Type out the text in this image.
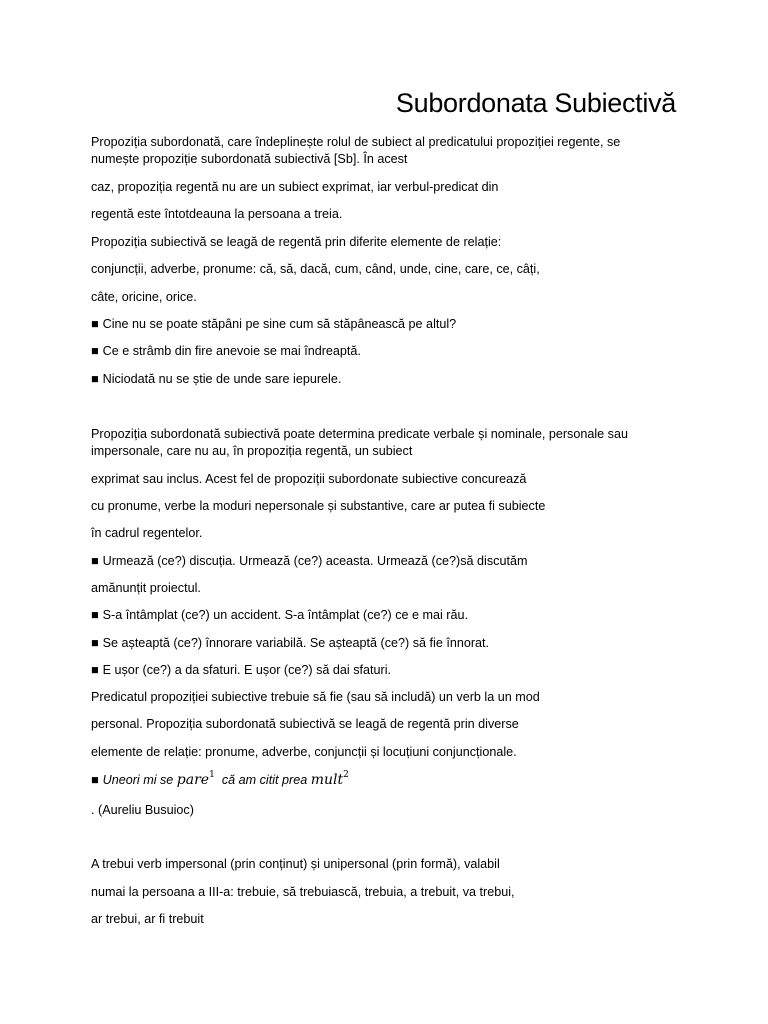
Subordonata Subiectivă
Propoziția subordonată, care îndeplinește rolul de subiect al predicatului propoziției regente, se
numește propoziție subordonată subiectivă [Sb]. În acest
caz, propoziția regentă nu are un subiect exprimat, iar verbul-predicat din
regentă este întotdeauna la persoana a treia.
Propoziția subiectivă se leagă de regentă prin diferite elemente de relație:
conjuncții, adverbe, pronume: că, să, dacă, cum, când, unde, cine, care, ce, câți,
câte, oricine, orice.
■ Cine nu se poate stăpâni pe sine cum să stăpânească pe altul?
■ Ce e strâmb din fire anevoie se mai îndreaptă.
■ Niciodată nu se știe de unde sare iepurele.
Propoziția subordonată subiectivă poate determina predicate verbale și nominale, personale sau
impersonale, care nu au, în propoziția regentă, un subiect
exprimat sau inclus. Acest fel de propoziții subordonate subiective concurează
cu pronume, verbe la moduri nepersonale și substantive, care ar putea fi subiecte
în cadrul regentelor.
■ Urmează (ce?) discuția. Urmează (ce?) aceasta. Urmează (ce?)să discutăm
amănunțit proiectul.
■ S-a întâmplat (ce?) un accident. S-a întâmplat (ce?) ce e mai rău.
■ Se așteaptă (ce?) înnorare variabilă. Se așteaptă (ce?) să fie înnorat.
■ E ușor (ce?) a da sfaturi. E ușor (ce?) să dai sfaturi.
Predicatul propoziției subiectivе trebuie să fie (sau să includă) un verb la un mod
personal. Propoziția subordonată subiectivă se leagă de regentă prin diverse
elemente de relație: pronume, adverbe, conjuncții și locuțiuni conjuncționale.
■ Uneori mi se pare$^1$ că am citit prea mult$^2$
. (Aureliu Busuioc)
A trebui verb impersonal (prin conținut) și unipersonal (prin formă), valabil
numai la persoana a III-a: trebuie, să trebuiască, trebuia, a trebuit, va trebui,
ar trebui, ar fi trebuit
